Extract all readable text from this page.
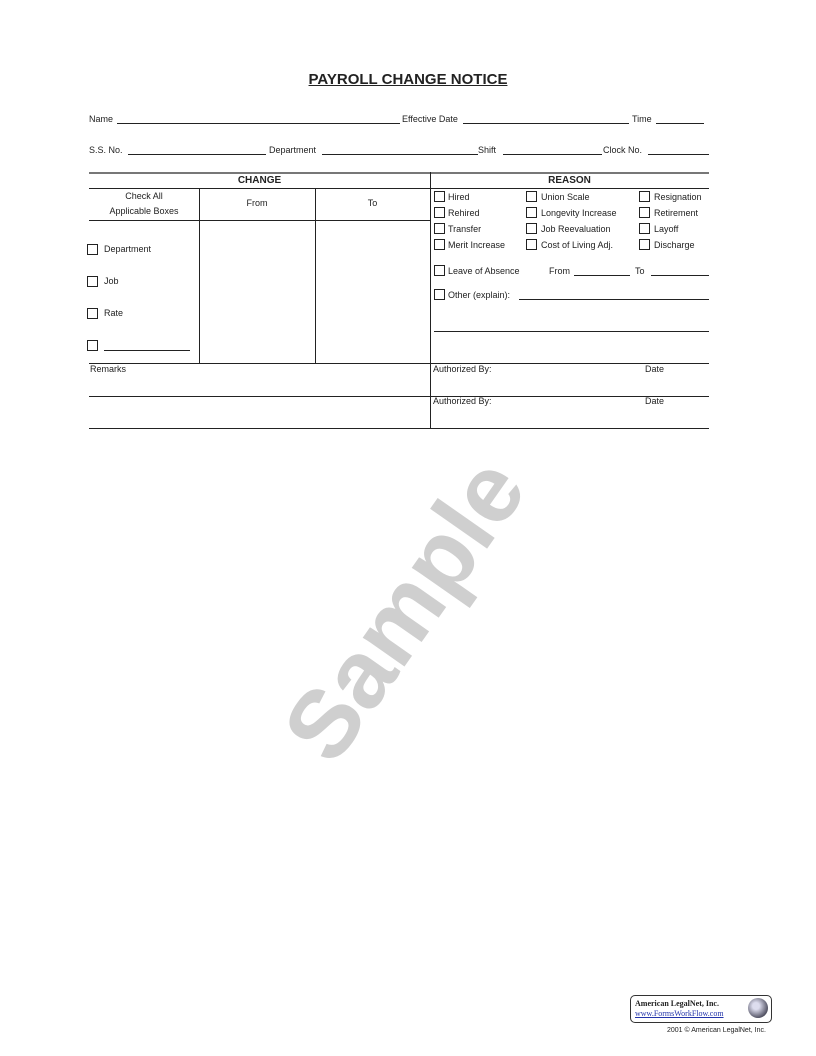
PAYROLL CHANGE NOTICE
Name	Effective Date	Time
S.S. No.	Department	Shift	Clock No.
CHANGE	REASON
Check All
Applicable Boxes
From	To
Department
Job
Rate
Hired	Union Scale	Resignation
Rehired	Longevity Increase	Retirement
Transfer	Job Reevaluation	Layoff
Merit Increase	Cost of Living Adj.	Discharge
Leave of Absence	From	To
Other (explain):
Remarks	Authorized By:	Date
Authorized By:	Date
Sample
American LegalNet, Inc.
www.FormsWorkFlow.com
2001 © American LegalNet, Inc.
